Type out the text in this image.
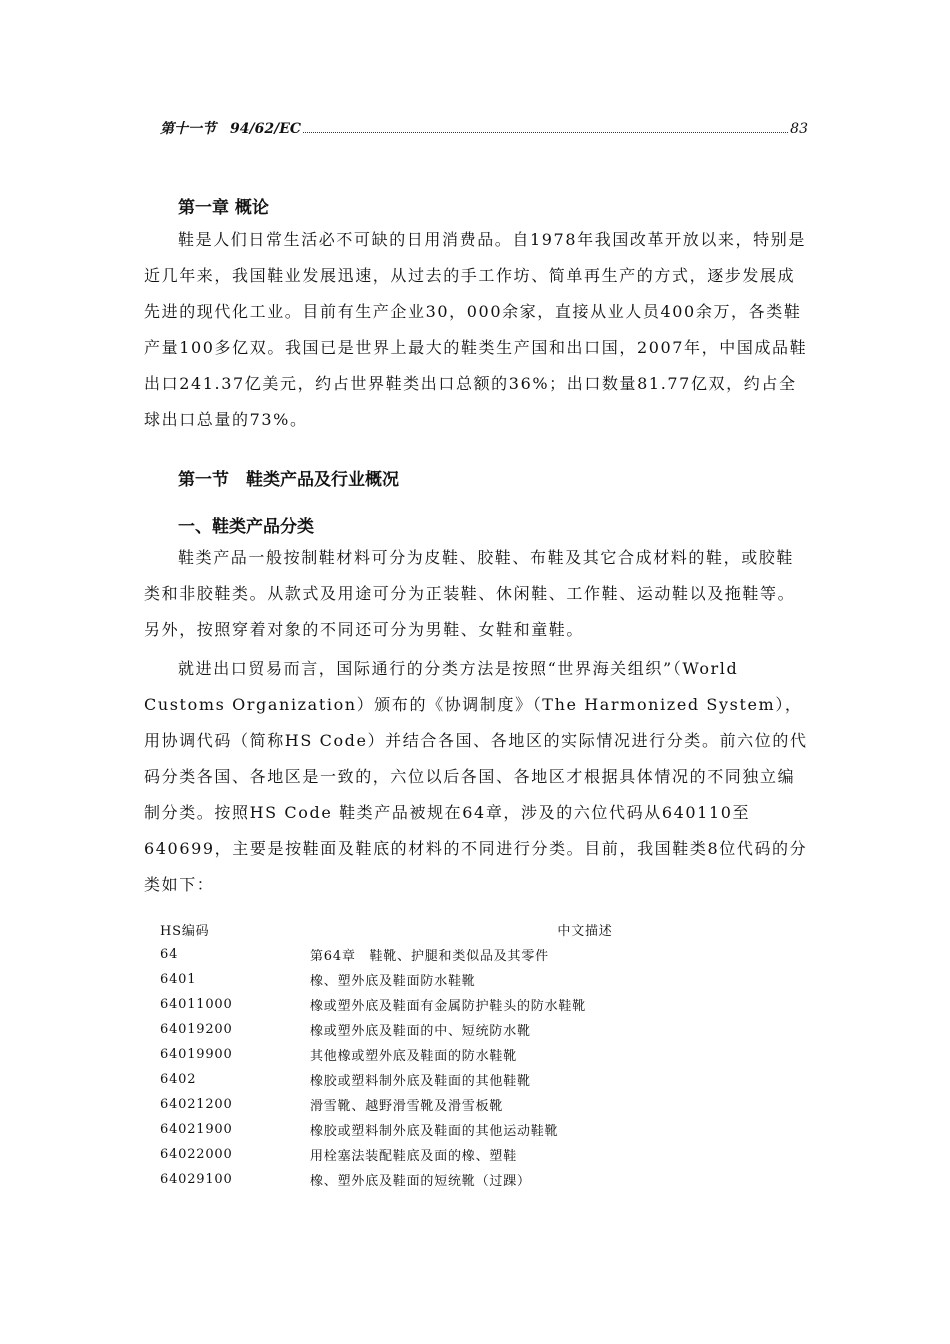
第十一节　94/62/EC	83
第一章 概论

鞋是人们日常生活必不可缺的日用消费品。自1978年我国改革开放以来，特别是近几年来，我国鞋业发展迅速，从过去的手工作坊、简单再生产的方式，逐步发展成先进的现代化工业。目前有生产企业30，000余家，直接从业人员400余万，各类鞋产量100多亿双。我国已是世界上最大的鞋类生产国和出口国，2007年，中国成品鞋出口241.37亿美元，约占世界鞋类出口总额的36%；出口数量81.77亿双，约占全球出口总量的73%。

第一节　鞋类产品及行业概况
一、鞋类产品分类

鞋类产品一般按制鞋材料可分为皮鞋、胶鞋、布鞋及其它合成材料的鞋，或胶鞋类和非胶鞋类。从款式及用途可分为正装鞋、休闲鞋、工作鞋、运动鞋以及拖鞋等。另外，按照穿着对象的不同还可分为男鞋、女鞋和童鞋。

就进出口贸易而言，国际通行的分类方法是按照“世界海关组织”（World Customs Organization）颁布的《协调制度》（The Harmonized System），用协调代码（简称HS Code）并结合各国、各地区的实际情况进行分类。前六位的代码分类各国、各地区是一致的，六位以后各国、各地区才根据具体情况的不同独立编制分类。按照HS Code 鞋类产品被规在64章，涉及的六位代码从640110至640699，主要是按鞋面及鞋底的材料的不同进行分类。目前，我国鞋类8位代码的分类如下：

HS编码	中文描述
64	第64章　鞋靴、护腿和类似品及其零件
6401	橡、塑外底及鞋面防水鞋靴
64011000	橡或塑外底及鞋面有金属防护鞋头的防水鞋靴
64019200	橡或塑外底及鞋面的中、短统防水靴
64019900	其他橡或塑外底及鞋面的防水鞋靴
6402	橡胶或塑料制外底及鞋面的其他鞋靴
64021200	滑雪靴、越野滑雪靴及滑雪板靴
64021900	橡胶或塑料制外底及鞋面的其他运动鞋靴
64022000	用栓塞法装配鞋底及面的橡、塑鞋
64029100	橡、塑外底及鞋面的短统靴（过踝）
